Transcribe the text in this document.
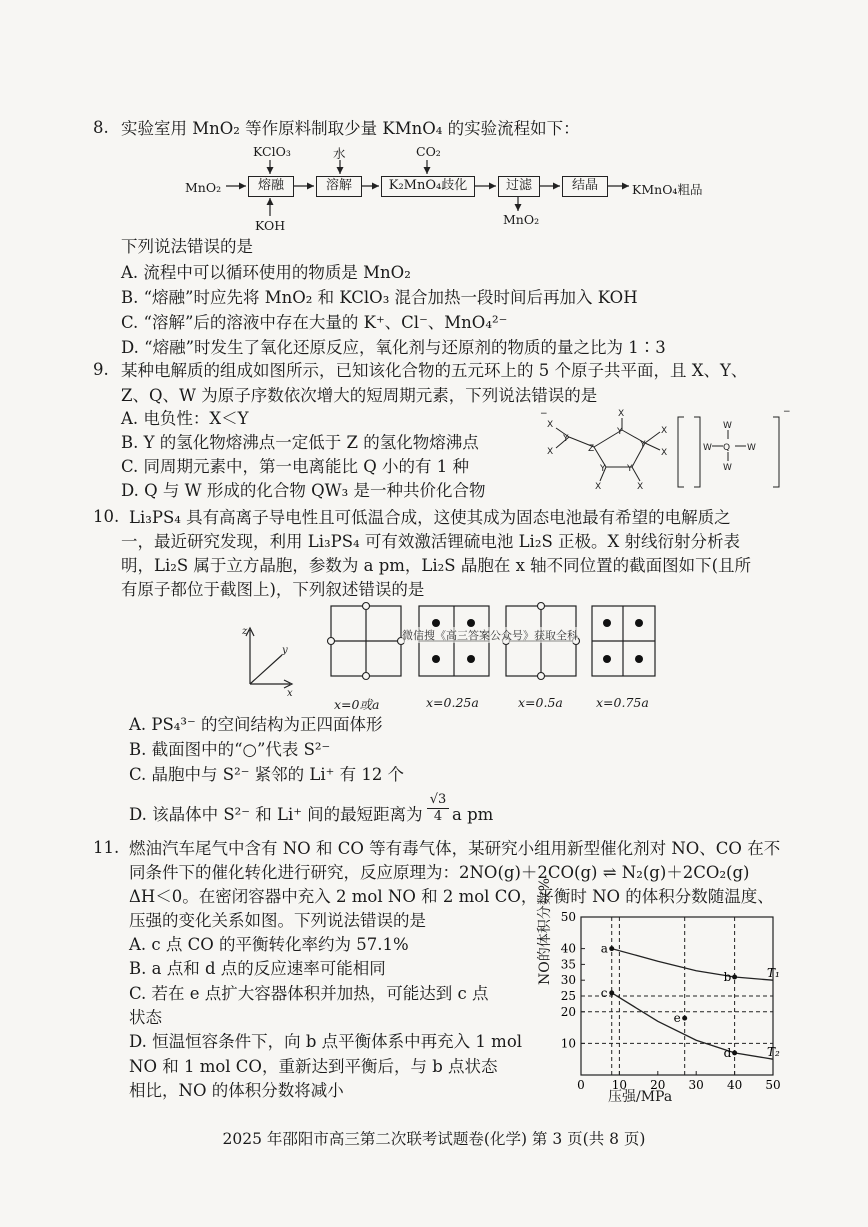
8. 实验室用 MnO₂ 等作原料制取少量 KMnO₄ 的实验流程如下：
MnO₂	熔融	溶解	K₂MnO₄歧化	过滤	结晶	KMnO₄粗品
KClO₃
KOH
水	CO₂
MnO₂
下列说法错误的是
A. 流程中可以循环使用的物质是 MnO₂
B. “熔融”时应先将 MnO₂ 和 KClO₃ 混合加热一段时间后再加入 KOH
C. “溶解”后的溶液中存在大量的 K⁺、Cl⁻、MnO₄²⁻
D. “熔融”时发生了氧化还原反应，氧化剂与还原剂的物质的量之比为 1∶3
9. 某种电解质的组成如图所示，已知该化合物的五元环上的 5 个原子共平面，且 X、Y、
Z、Q、W 为原子序数依次增大的短周期元素，下列说法错误的是
A. 电负性：X＜Y
B. Y 的氢化物熔沸点一定低于 Z 的氢化物熔沸点
C. 同周期元素中，第一电离能比 Q 小的有 1 种
D. Q 与 W 形成的化合物 QW₃ 是一种共价化合物
Y
Z
Y
Y
Y Y
X
X
X
X
X
X	X
Q
W
W
W	W
−	−
10. Li₃PS₄ 具有高离子导电性且可低温合成，这使其成为固态电池最有希望的电解质之
一，最近研究发现，利用 Li₃PS₄ 可有效激活锂硫电池 Li₂S 正极。X 射线衍射分析表
明，Li₂S 属于立方晶胞，参数为 a pm，Li₂S 晶胞在 x 轴不同位置的截面图如下(且所
有原子都位于截图上)，下列叙述错误的是
z
y
x
微信搜《高三答案公众号》获取全科
x=0或a	x=0.25a	x=0.5a	x=0.75a
A. PS₄³⁻ 的空间结构为正四面体形
B. 截面图中的“○”代表 S²⁻
C. 晶胞中与 S²⁻ 紧邻的 Li⁺ 有 12 个
D. 该晶体中 S²⁻ 和 Li⁺ 间的最短距离为 $\frac{√3}{4}$ a pm
11. 燃油汽车尾气中含有 NO 和 CO 等有毒气体，某研究小组用新型催化剂对 NO、CO 在不
同条件下的催化转化进行研究，反应原理为：2NO(g)＋2CO(g) ⇌ N₂(g)＋2CO₂(g)
ΔH＜0。在密闭容器中充入 2 mol NO 和 2 mol CO，平衡时 NO 的体积分数随温度、
压强的变化关系如图。下列说法错误的是
A. c 点 CO 的平衡转化率约为 57.1%
B. a 点和 d 点的反应速率可能相同
C. 若在 e 点扩大容器体积并加热，可能达到 c 点
状态
D. 恒温恒容条件下，向 b 点平衡体系中再充入 1 mol
NO 和 1 mol CO，重新达到平衡后，与 b 点状态
相比，NO 的体积分数将减小	0 10 20 30 40 50
10
20
25
30
35
40
50
T₁
T₂
a
b
c
e
d
压强/MPa
NO的体积分数%
2025 年邵阳市高三第二次联考试题卷(化学) 第 3 页(共 8 页)
